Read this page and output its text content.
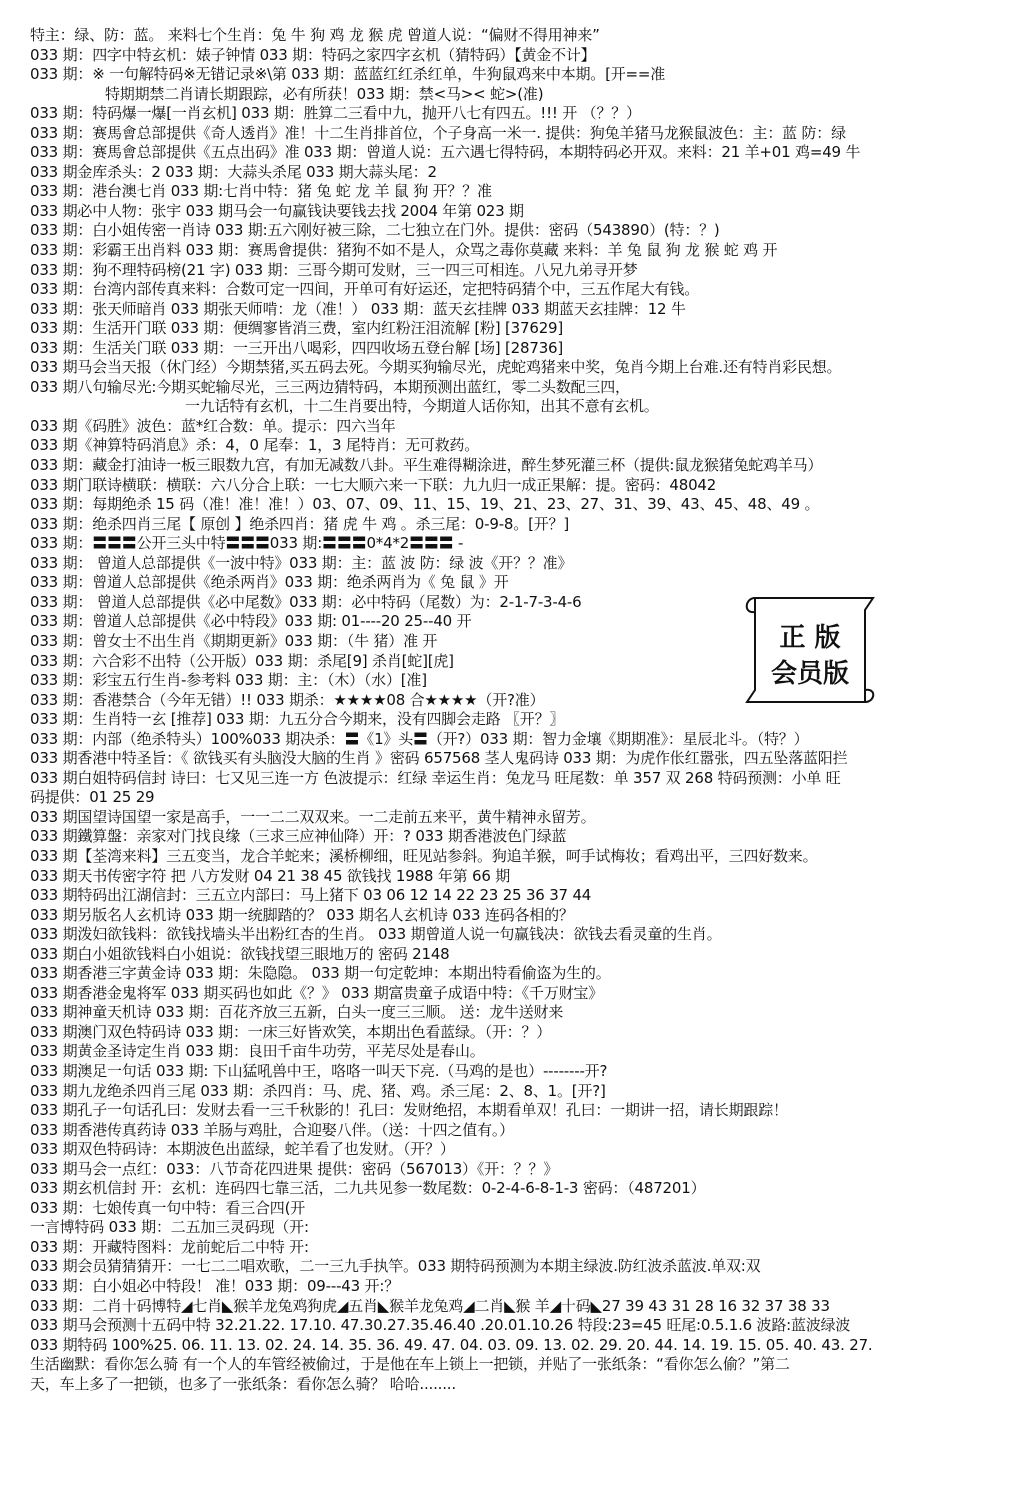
特主：绿、防：蓝。 来料七个生肖：兔 牛 狗 鸡 龙 猴 虎 曾道人说：“偏财不得用神来”
033 期：四字中特玄机：婊子钟情 033 期：特码之家四字玄机（猜特码）【黄金不计】
033 期：※ 一句解特码※无错记录※\第 033 期：蓝蓝红红杀红单，牛狗鼠鸡来中本期。[开==准
特期期禁二肖请长期跟踪，必有所获！033 期：禁<马>< 蛇>(准)
033 期：特码爆一爆[一肖玄机] 033 期：胜算二三看中九，抛开八七有四五。!!! 开 （？？）
033 期：赛馬會总部提供《奇人透肖》准！十二生肖排首位，个子身高一米一. 提供：狗兔羊猪马龙猴鼠波色：主：蓝 防：绿
033 期：赛馬會总部提供《五点出码》准 033 期：曾道人说：五六遇七得特码，本期特码必开双。来料：21 羊+01 鸡=49 牛
033 期金库杀头：2 033 期：大蒜头杀尾 033 期大蒜头尾：2
033 期：港台澳七肖 033 期:七肖中特：猪 兔 蛇 龙 羊 鼠 狗 开？？准
033 期必中人物：张宇 033 期马会一句赢钱诀要钱去找 2004 年第 023 期
033 期：白小姐传密一肖诗 033 期:五六刚好被三除，二七独立在门外。提供：密码（543890）(特：？)
033 期：彩霸王出肖料 033 期：赛馬會提供：猪狗不如不是人，众骂之毒你莫藏 来料：羊 兔 鼠 狗 龙 猴 蛇 鸡 开
033 期：狗不理特码榜(21 字) 033 期：三哥今期可发财，三一四三可相连。八兄九弟寻开梦
033 期：台湾内部传真来料：合数可定一四间，开单可有好运还，定把特码猜个中，三五作尾大有钱。
033 期：张天师暗肖 033 期张天师啃：龙（准！） 033 期：蓝天玄挂牌 033 期蓝天玄挂牌：12 牛
033 期：生活开门联 033 期：便绸寥皆消三费，室内红粉汪泪流解 [粉] [37629]
033 期：生活关门联 033 期：一三开出八喝彩，四四收场五登台解 [场] [28736]
033 期马会当天报（休门经）今期禁猪,买五码去死。今期买狗输尽光，虎蛇鸡猪来中奖，兔肖今期上台难.还有特肖彩民想。
033 期八句输尽光:今期买蛇输尽光，三三两边猜特码，本期预测出蓝红，零二头数配三四，
一九话特有玄机，十二生肖要出特，今期道人话你知，出其不意有玄机。
033 期《码胜》波色：蓝*红合数：单。提示：四六当年
033 期《神算特码消息》杀：4，0 尾奉：1，3 尾特肖：无可救药。
033 期：藏金打油诗一板三眼数九宫，有加无减数八卦。平生难得糊涂进，醉生梦死灌三杯（提供:鼠龙猴猪兔蛇鸡羊马）
033 期门联诗横联：横联：六八分合上联：一七大顺六来一下联：九九归一成正果解：提。密码：48042
033 期：每期绝杀 15 码（准！准！准！）03、07、09、11、15、19、21、23、27、31、39、43、45、48、49 。
033 期：绝杀四肖三尾【 原创 】绝杀四肖：猪 虎 牛 鸡 。杀三尾：0-9-8。[开？]
033 期：〓〓〓公开三头中特〓〓〓033 期:〓〓〓0*4*2〓〓〓 -
033 期： 曾道人总部提供《一波中特》033 期：主：蓝 波 防：绿 波《开？？准》
033 期：曾道人总部提供《绝杀两肖》033 期：绝杀两肖为《 兔 鼠 》开
033 期： 曾道人总部提供《必中尾数》033 期：必中特码（尾数）为：2-1-7-3-4-6
033 期：曾道人总部提供《必中特段》033 期: 01----20 25--40 开
033 期：曾女士不出生肖《期期更新》033 期：（牛 猪）准 开
033 期：六合彩不出特（公开版）033 期：杀尾[9] 杀肖[蛇][虎]
033 期：彩宝五行生肖-参考料 033 期：主：（木）（水）[准]
033 期：香港禁合（今年无错）!! 033 期杀：★★★★08 合★★★★（开?准）
033 期：生肖特一玄 [推荐] 033 期：九五分合今期来，没有四脚会走路 〖开？〗
033 期：内部（绝杀特头）100%033 期决杀：〓《1》头〓（开?）033 期：智力金壤《期期准》：星辰北斗。（特？）
033 期香港中特圣旨：《 欲钱买有头脑没大脑的生肖 》密码 657568 茎人鬼码诗 033 期：为虎作伥红嚣张，四五坠落蓝阳拦
033 期白姐特码信封 诗曰：七又见三连一方 色波提示：红绿 幸运生肖：兔龙马 旺尾数：单 357 双 268 特码预测：小单 旺
码提供：01 25 29
033 期国望诗国望一家是高手，一一二二双双来。一二走前五来平，黄牛精神永留芳。
033 期鐵算盤：亲家对门找良缘（三求三应神仙降）开：? 033 期香港波色门绿蓝
033 期【荃湾来料】三五变当，龙合羊蛇来；溪桥柳细，旺见站参斜。狗追羊猴，呵手试梅妆；看鸡出平，三四好数来。
033 期天书传密字符 把 八方发财 04 21 38 45 欲钱找 1988 年第 66 期
033 期特码出江湖信封：三五立内部曰：马上猪下 03 06 12 14 22 23 25 36 37 44
033 期另版名人玄机诗 033 期一统脚踏的？ 033 期名人玄机诗 033 连码各相的？
033 期泼妇欲钱料：欲钱找墙头半出粉红杏的生肖。 033 期曾道人说一句赢钱决：欲钱去看灵童的生肖。
033 期白小姐欲钱料白小姐说：欲钱找望三眼地万的 密码 2148
033 期香港三字黄金诗 033 期：朱隐隐。 033 期一句定乾坤：本期出特看偷盗为生的。
033 期香港金鬼将军 033 期买码也如此《？》 033 期富贵童子成语中特：《千万财宝》
033 期神童天机诗 033 期：百花齐放三五新，白头一度三三顺。 送：龙牛送财来
033 期澳门双色特码诗 033 期：一床三好皆欢笑，本期出色看蓝绿。（开：？）
033 期黄金圣诗定生肖 033 期：良田千亩牛功劳，平芜尽处是春山。
033 期澳足一句话 033 期: 下山猛吼兽中王，咯咯一叫天下亮.（马鸡的是也）--------开?
033 期九龙绝杀四肖三尾 033 期：杀四肖：马、虎、猪、鸡。杀三尾：2、8、1。[开?]
033 期孔子一句话孔曰：发财去看一三千秋影的！孔曰：发财绝招，本期看单双！孔曰：一期讲一招，请长期跟踪！
033 期香港传真药诗 033 羊肠与鸡肚，合迎娶八伴。（送：十四之值有。）
033 期双色特码诗：本期波色出蓝绿，蛇羊看了也发财。（开？）
033 期马会一点红：033：八节奇花四进果 提供：密码（567013）《开：？？》
033 期玄机信封 开：玄机：连码四七靠三活，二九共见参一数尾数：0-2-4-6-8-1-3 密码：（487201）
033 期：七娘传真一句中特：看三合四(开
一言博特码 033 期：二五加三灵码现（开:
033 期：开藏特图料：龙前蛇后二中特 开:
033 期会员猜猜猜开：一七二二唱欢歌，二一三九手执竿。033 期特码预测为本期主绿波.防红波杀蓝波.单双:双
033 期：白小姐必中特段！ 准！033 期：09---43 开:？
033 期：二肖十码博特◢七肖◣猴羊龙兔鸡狗虎◢五肖◣猴羊龙兔鸡◢二肖◣猴 羊◢十码◣27 39 43 31 28 16 32 37 38 33
033 期马会预测十五码中特 32.21.22. 17.10. 47.30.27.35.46.40 .20.01.10.26 特段:23=45 旺尾:0.5.1.6 波路:蓝波绿波
033 期特码 100%25. 06. 11. 13. 02. 24. 14. 35. 36. 49. 47. 04. 03. 09. 13. 02. 29. 20. 44. 14. 19. 15. 05. 40. 43. 27.
生活幽默：看你怎么骑 有一个人的车管经被偷过，于是他在车上锁上一把锁，并贴了一张纸条：“看你怎么偷？”第二
天，车上多了一把锁，也多了一张纸条：看你怎么骑？ 哈哈........
正 版
会员版
